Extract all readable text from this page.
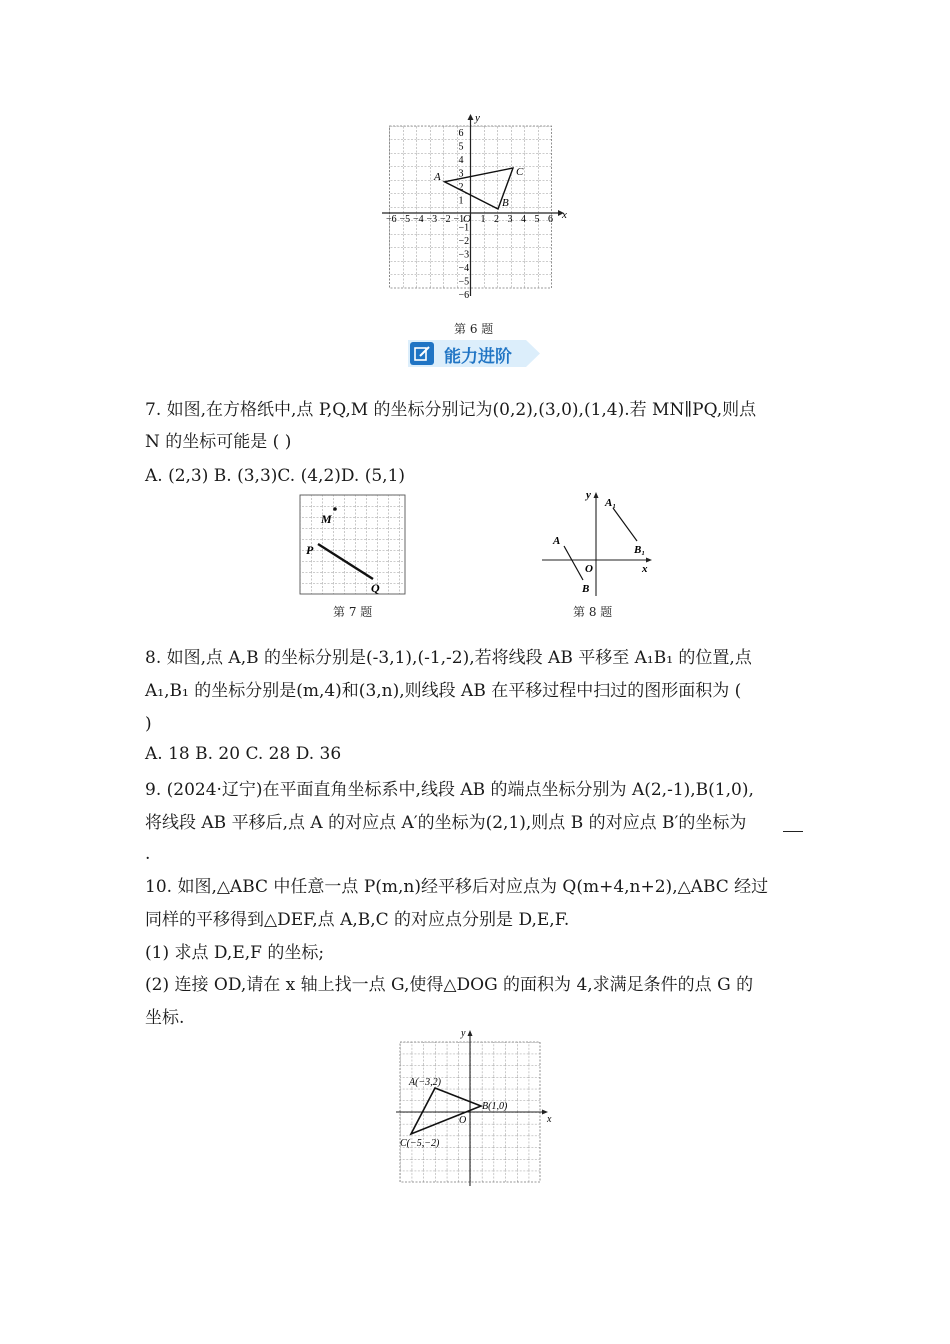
x
y
O
−6 −5 −4 −3 −2 −1 1 2 3 4 5 6
6
5
4
3
2
1
−1
−2
−3
−4
−5
−6
A
B
C
第 6 题
能力进阶
7. 如图,在方格纸中,点 P,Q,M 的坐标分别记为(0,2),(3,0),(1,4).若 MN∥PQ,则点
N 的坐标可能是 ( )
A. (2,3) B. (3,3)C. (4,2)D. (5,1)
M
P
Q
第 7 题
y
x
O
A
B
A₁
B₁
第 8 题
8. 如图,点 A,B 的坐标分别是(-3,1),(-1,-2),若将线段 AB 平移至 A₁B₁ 的位置,点
A₁,B₁ 的坐标分别是(m,4)和(3,n),则线段 AB 在平移过程中扫过的图形面积为 (
)
A. 18 B. 20 C. 28 D. 36
9. (2024·辽宁)在平面直角坐标系中,线段 AB 的端点坐标分别为 A(2,-1),B(1,0),
将线段 AB 平移后,点 A 的对应点 A′的坐标为(2,1),则点 B 的对应点 B′的坐标为
.
10. 如图,△ABC 中任意一点 P(m,n)经平移后对应点为 Q(m+4,n+2),△ABC 经过
同样的平移得到△DEF,点 A,B,C 的对应点分别是 D,E,F.
(1) 求点 D,E,F 的坐标;
(2) 连接 OD,请在 x 轴上找一点 G,使得△DOG 的面积为 4,求满足条件的点 G 的
坐标.
y
x
O
A(−3,2)
B(1,0)
C(−5,−2)
